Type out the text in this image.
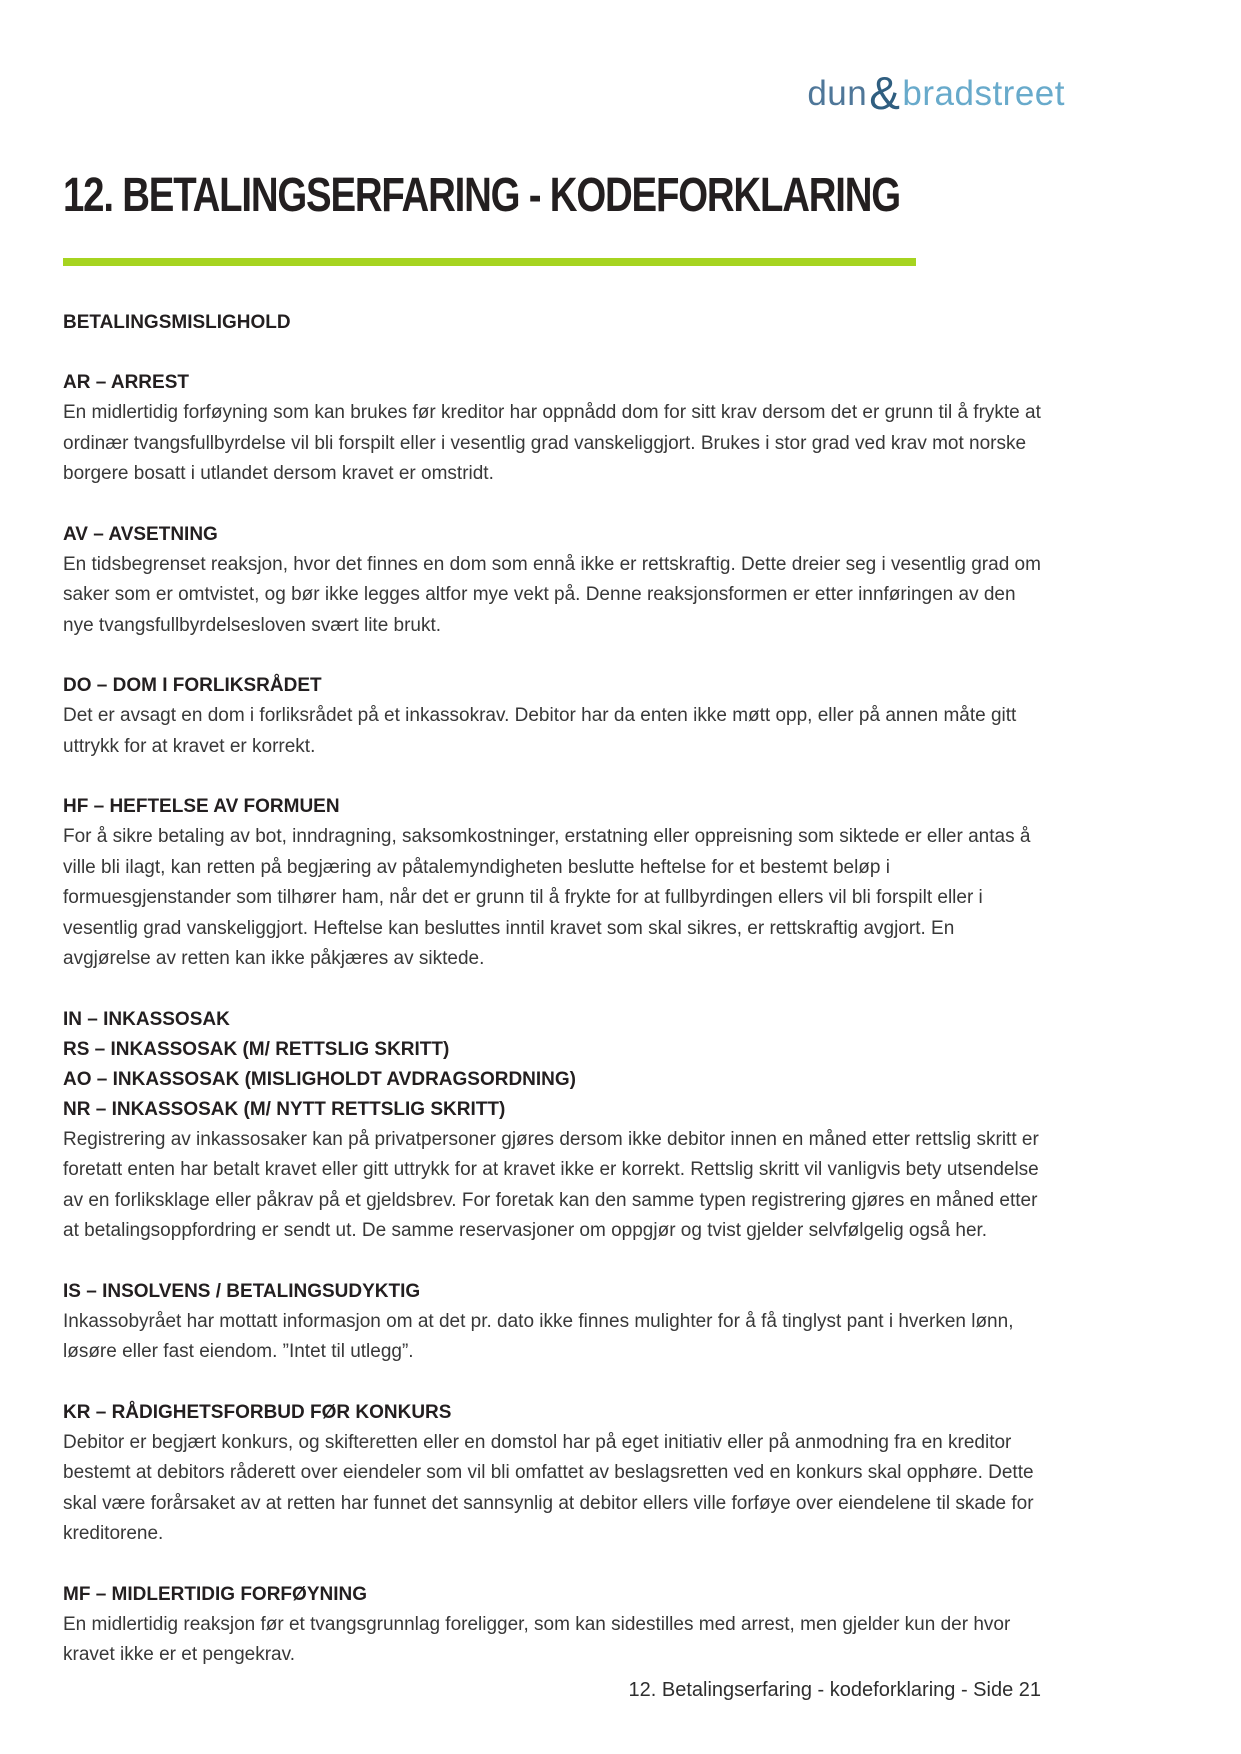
dun&bradstreet
12. BETALINGSERFARING - KODEFORKLARING
BETALINGSMISLIGHOLD
AR – ARREST

En midlertidig forføyning som kan brukes før kreditor har oppnådd dom for sitt krav dersom det er grunn til å frykte at ordinær tvangsfullbyrdelse vil bli forspilt eller i vesentlig grad vanskeliggjort. Brukes i stor grad ved krav mot norske borgere bosatt i utlandet dersom kravet er omstridt.

AV – AVSETNING

En tidsbegrenset reaksjon, hvor det finnes en dom som ennå ikke er rettskraftig. Dette dreier seg i vesentlig grad om saker som er omtvistet, og bør ikke legges altfor mye vekt på. Denne reaksjonsformen er etter innføringen av den nye tvangsfullbyrdelsesloven svært lite brukt.

DO – DOM I FORLIKSRÅDET

Det er avsagt en dom i forliksrådet på et inkassokrav. Debitor har da enten ikke møtt opp, eller på annen måte gitt uttrykk for at kravet er korrekt.

HF – HEFTELSE AV FORMUEN

For å sikre betaling av bot, inndragning, saksomkostninger, erstatning eller oppreisning som siktede er eller antas å ville bli ilagt, kan retten på begjæring av påtalemyndigheten beslutte heftelse for et bestemt beløp i formuesgjenstander som tilhører ham, når det er grunn til å frykte for at fullbyrdingen ellers vil bli forspilt eller i vesentlig grad vanskeliggjort. Heftelse kan besluttes inntil kravet som skal sikres, er rettskraftig avgjort. En avgjørelse av retten kan ikke påkjæres av siktede.

IN – INKASSOSAK
RS – INKASSOSAK (M/ RETTSLIG SKRITT)
AO – INKASSOSAK (MISLIGHOLDT AVDRAGSORDNING)
NR – INKASSOSAK (M/ NYTT RETTSLIG SKRITT)

Registrering av inkassosaker kan på privatpersoner gjøres dersom ikke debitor innen en måned etter rettslig skritt er foretatt enten har betalt kravet eller gitt uttrykk for at kravet ikke er korrekt. Rettslig skritt vil vanligvis bety utsendelse av en forliksklage eller påkrav på et gjeldsbrev. For foretak kan den samme typen registrering gjøres en måned etter at betalingsoppfordring er sendt ut. De samme reservasjoner om oppgjør og tvist gjelder selvfølgelig også her.

IS – INSOLVENS / BETALINGSUDYKTIG

Inkassobyrået har mottatt informasjon om at det pr. dato ikke finnes mulighter for å få tinglyst pant i hverken lønn, løsøre eller fast eiendom. ”Intet til utlegg”.

KR – RÅDIGHETSFORBUD FØR KONKURS

Debitor er begjært konkurs, og skifteretten eller en domstol har på eget initiativ eller på anmodning fra en kreditor bestemt at debitors råderett over eiendeler som vil bli omfattet av beslagsretten ved en konkurs skal opphøre. Dette skal være forårsaket av at retten har funnet det sannsynlig at debitor ellers ville forføye over eiendelene til skade for kreditorene.

MF – MIDLERTIDIG FORFØYNING

En midlertidig reaksjon før et tvangsgrunnlag foreligger, som kan sidestilles med arrest, men gjelder kun der hvor kravet ikke er et pengekrav.

12. Betalingserfaring - kodeforklaring - Side 21
